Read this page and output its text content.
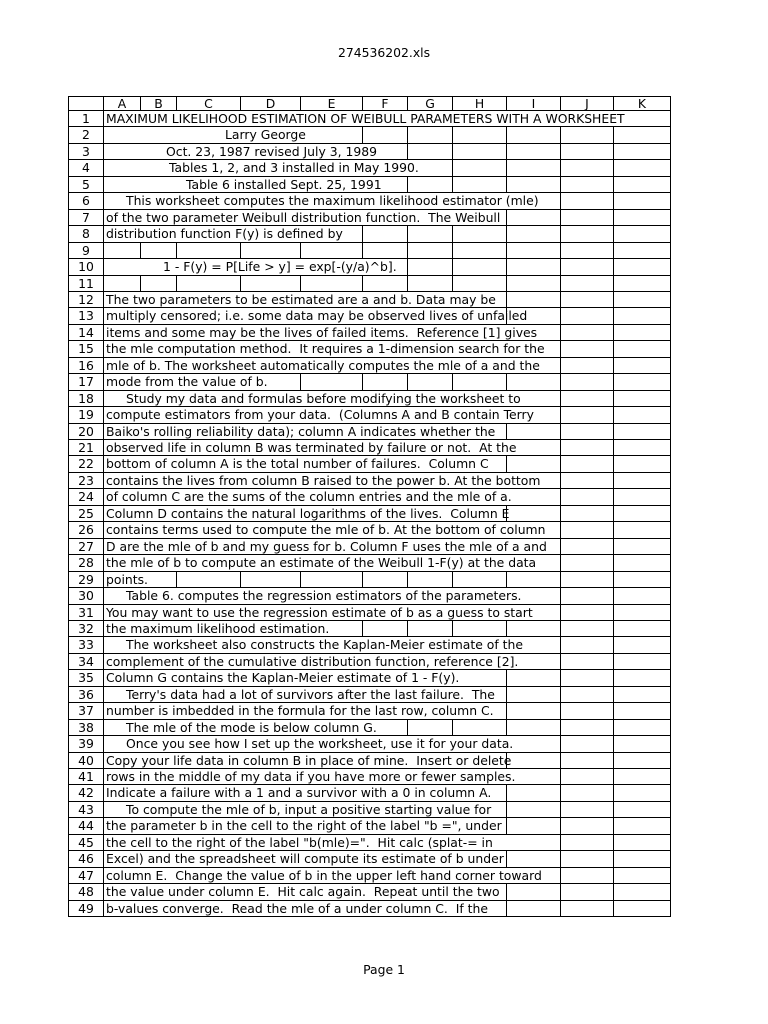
274536202.xls
A	B	C	D	E	F	G	H	I	J	K
1	MAXIMUM LIKELIHOOD ESTIMATION OF WEIBULL PARAMETERS WITH A WORKSHEET
2	Larry George
3	Oct. 23, 1987 revised July 3, 1989
4	Tables 1, 2, and 3 installed in May 1990.
5	Table 6 installed Sept. 25, 1991
6	This worksheet computes the maximum likelihood estimator (mle)
7	of the two parameter Weibull distribution function.  The Weibull
8	distribution function F(y) is defined by
9
10	1 - F(y) = P[Life > y] = exp[-(y/a)^b].
11
12 The two parameters to be estimated are a and b. Data may be
13 multiply censored; i.e. some data may be observed lives of unfailed
14 items and some may be the lives of failed items.  Reference [1] gives
15 the mle computation method.  It requires a 1-dimension search for the
16 mle of b. The worksheet automatically computes the mle of a and the
17 mode from the value of b.
18	Study my data and formulas before modifying the worksheet to
19 compute estimators from your data.  (Columns A and B contain Terry
20 Baiko's rolling reliability data); column A indicates whether the
21 observed life in column B was terminated by failure or not.  At the
22 bottom of column A is the total number of failures.  Column C
23 contains the lives from column B raised to the power b. At the bottom
24 of column C are the sums of the column entries and the mle of a.
25 Column D contains the natural logarithms of the lives.  Column E
26 contains terms used to compute the mle of b. At the bottom of column
27 D are the mle of b and my guess for b. Column F uses the mle of a and
28 the mle of b to compute an estimate of the Weibull 1-F(y) at the data
29 points.
30	Table 6. computes the regression estimators of the parameters.
31 You may want to use the regression estimate of b as a guess to start
32 the maximum likelihood estimation.
33	The worksheet also constructs the Kaplan-Meier estimate of the
34 complement of the cumulative distribution function, reference [2].
35 Column G contains the Kaplan-Meier estimate of 1 - F(y).
36	Terry's data had a lot of survivors after the last failure.  The
37 number is imbedded in the formula for the last row, column C.
38	The mle of the mode is below column G.
39	Once you see how I set up the worksheet, use it for your data.
40 Copy your life data in column B in place of mine.  Insert or delete
41 rows in the middle of my data if you have more or fewer samples.
42 Indicate a failure with a 1 and a survivor with a 0 in column A.
43	To compute the mle of b, input a positive starting value for
44 the parameter b in the cell to the right of the label "b =", under
45 the cell to the right of the label "b(mle)=".  Hit calc (splat-= in
46 Excel) and the spreadsheet will compute its estimate of b under
47 column E.  Change the value of b in the upper left hand corner toward
48 the value under column E.  Hit calc again.  Repeat until the two
49 b-values converge.  Read the mle of a under column C.  If the
Page 1
